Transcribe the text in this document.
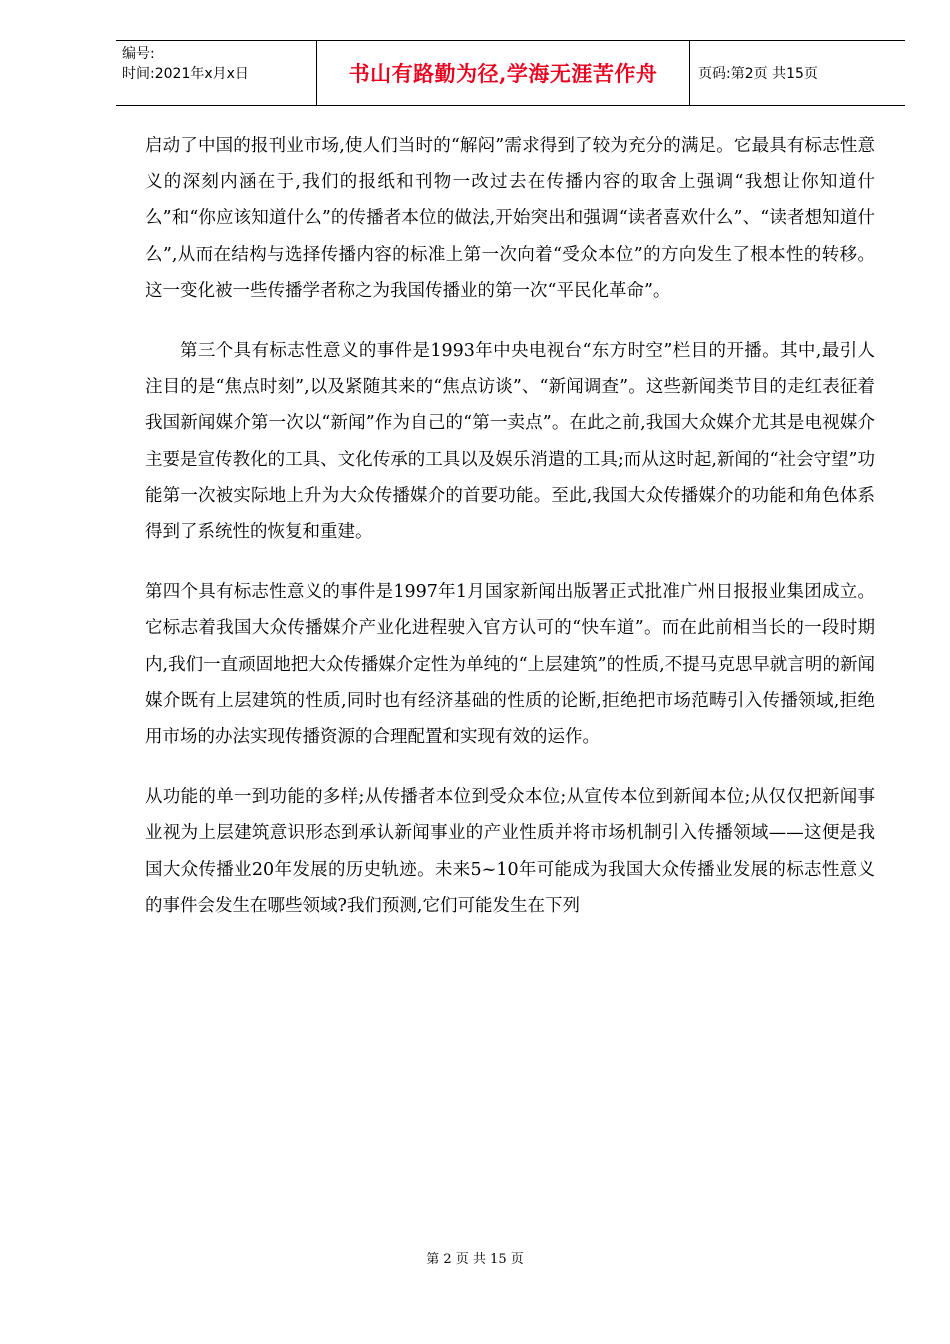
编号:
时间:2021年x月x日	书山有路勤为径,学海无涯苦作舟	页码:第2页 共15页

启动了中国的报刊业市场,使人们当时的“解闷”需求得到了较为充分的满足。它最具有标志性意义的深刻内涵在于,我们的报纸和刊物一改过去在传播内容的取舍上强调“我想让你知道什么”和“你应该知道什么”的传播者本位的做法,开始突出和强调“读者喜欢什么”、“读者想知道什么”,从而在结构与选择传播内容的标准上第一次向着“受众本位”的方向发生了根本性的转移。这一变化被一些传播学者称之为我国传播业的第一次“平民化革命”。

第三个具有标志性意义的事件是1993年中央电视台“东方时空”栏目的开播。其中,最引人注目的是“焦点时刻”,以及紧随其来的“焦点访谈”、“新闻调查”。这些新闻类节目的走红表征着我国新闻媒介第一次以“新闻”作为自己的“第一卖点”。在此之前,我国大众媒介尤其是电视媒介主要是宣传教化的工具、文化传承的工具以及娱乐消遣的工具;而从这时起,新闻的“社会守望”功能第一次被实际地上升为大众传播媒介的首要功能。至此,我国大众传播媒介的功能和角色体系得到了系统性的恢复和重建。

第四个具有标志性意义的事件是1997年1月国家新闻出版署正式批准广州日报报业集团成立。它标志着我国大众传播媒介产业化进程驶入官方认可的“快车道”。而在此前相当长的一段时期内,我们一直顽固地把大众传播媒介定性为单纯的“上层建筑”的性质,不提马克思早就言明的新闻媒介既有上层建筑的性质,同时也有经济基础的性质的论断,拒绝把市场范畴引入传播领域,拒绝用市场的办法实现传播资源的合理配置和实现有效的运作。

从功能的单一到功能的多样;从传播者本位到受众本位;从宣传本位到新闻本位;从仅仅把新闻事业视为上层建筑意识形态到承认新闻事业的产业性质并将市场机制引入传播领域——这便是我国大众传播业20年发展的历史轨迹。未来5~10年可能成为我国大众传播业发展的标志性意义的事件会发生在哪些领域?我们预测,它们可能发生在下列

第 2 页 共 15 页
